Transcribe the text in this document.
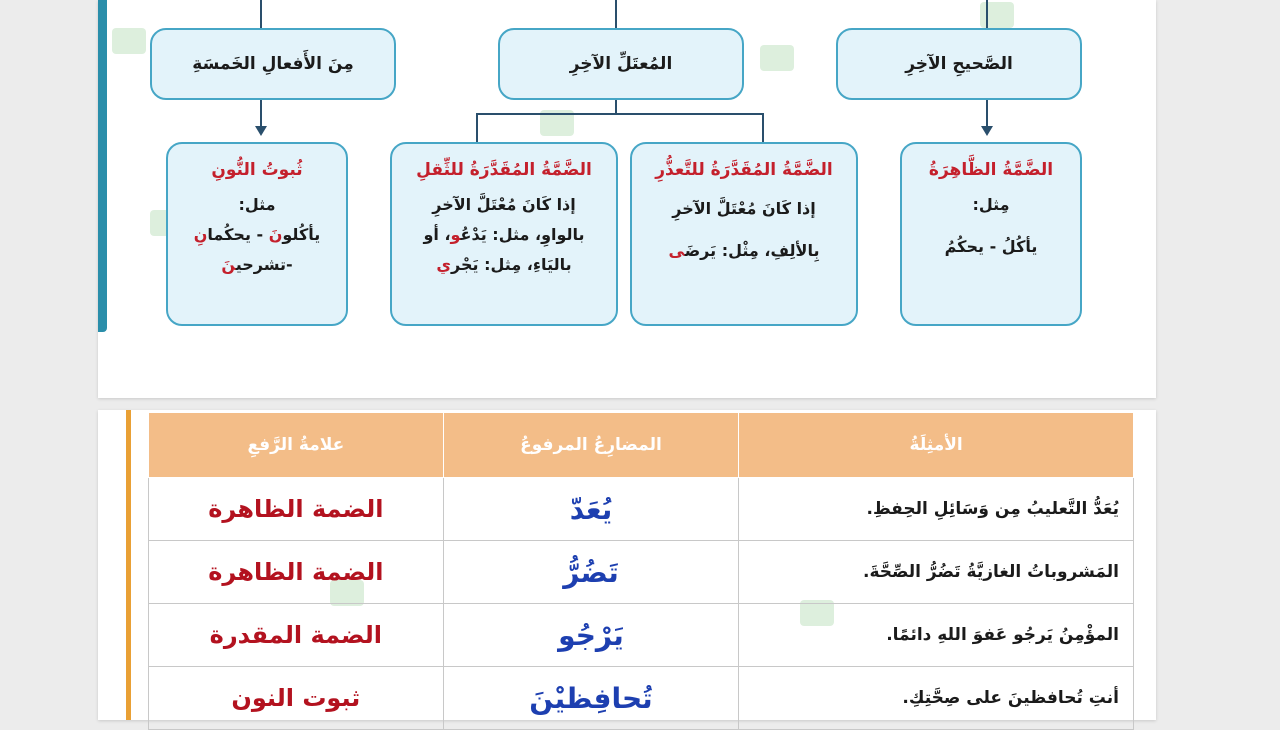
الصَّحيحِ الآخِرِ
المُعتَلِّ الآخِرِ
مِنَ الأَفعالِ الخَمسَةِ
الضَّمَّةُ الظَّاهِرَةُ
مِثل:
يأكُلُ - يحكُمُ
الضَّمَّةُ المُقَدَّرَةُ للتَّعذُّرِ
إذا كَانَ مُعْتَلَّ الآخرِ
بِالألِفِ، مِثْل: يَرضَى
الضَّمَّةُ المُقَدَّرَةُ للثِّقلِ
إذا كَانَ مُعْتَلَّ الآخرِ
بالواوِ، مثل: يَدْعُو، أو
باليَاءِ، مِثل: يَجْري
ثُبوتُ النُّونِ
مثل:
يأكُلونَ - يحكُمانِ
-تشرحينَ
الأمثِلَةُ	المضارِعُ المرفوعُ	علامةُ الرَّفعِ
يُعَدُّ التَّعليبُ مِن وَسَائِلِ الحِفظِ.	يُعَدّ	الضمة الظاهرة
المَشروباتُ الغازيَّةُ تَضُرُّ الصِّحَّةَ.	تَضُرُّ	الضمة الظاهرة
المؤْمِنُ يَرجُو عَفوَ اللهِ دائمًا.	يَرْجُو	الضمة المقدرة
أنتِ تُحافظينَ على صِحَّتِكِ.	تُحافِظيْنَ	ثبوت النون
